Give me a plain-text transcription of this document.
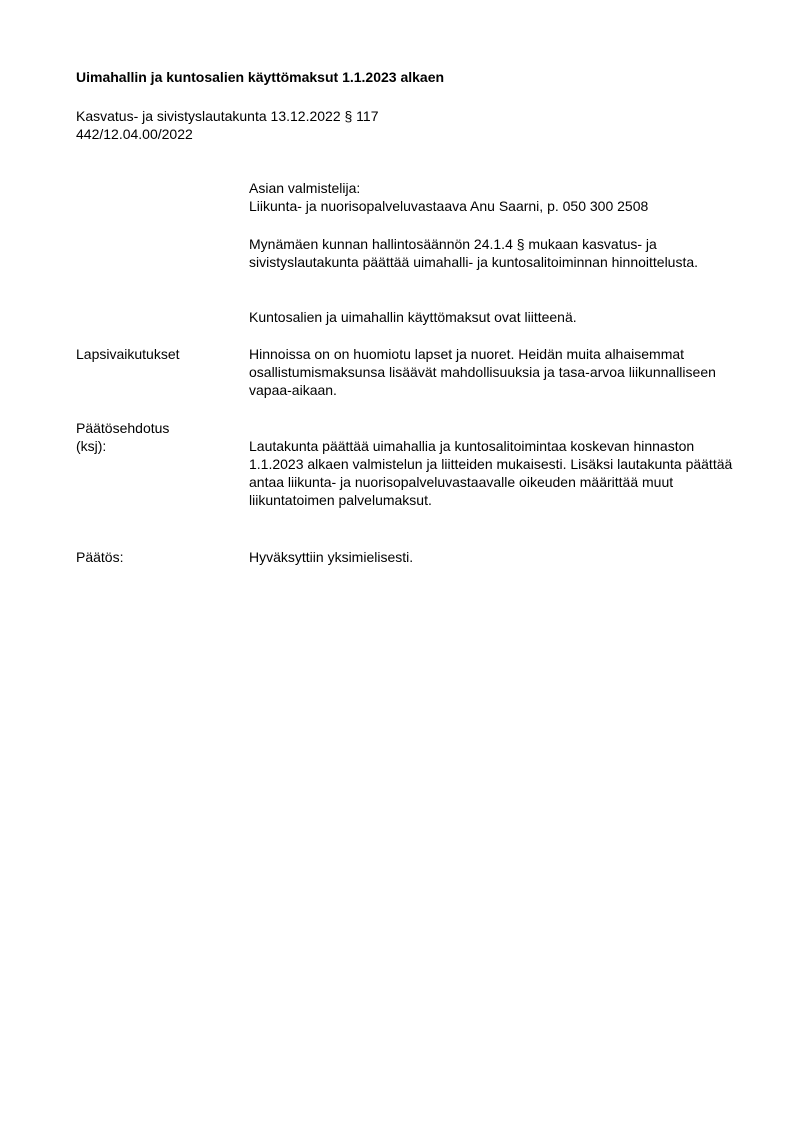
Uimahallin ja kuntosalien käyttömaksut 1.1.2023 alkaen
Kasvatus- ja sivistyslautakunta 13.12.2022 § 117
442/12.04.00/2022

Asian valmistelija:

Liikunta- ja nuorisopalveluvastaava Anu Saarni, p. 050 300 2508

Mynämäen kunnan hallintosäännön 24.1.4 § mukaan kasvatus- ja sivistyslautakunta päättää uimahalli- ja kuntosalitoiminnan hinnoittelusta.

Kuntosalien ja uimahallin käyttömaksut ovat liitteenä.

Lapsivaikutukset	Hinnoissa on on huomiotu lapset ja nuoret. Heidän muita alhaisemmat osallistumismaksunsa lisäävät mahdollisuuksia ja tasa-arvoa liikunnalliseen vapaa-aikaan.

Päätösehdotus
(ksj):	Lautakunta päättää uimahallia ja kuntosalitoimintaa koskevan hinnaston 1.1.2023 alkaen valmistelun ja liitteiden mukaisesti. Lisäksi lautakunta päättää antaa liikunta- ja nuorisopalveluvastaavalle oikeuden määrittää muut liikuntatoimen palvelumaksut.

Päätös:	Hyväksyttiin yksimielisesti.
